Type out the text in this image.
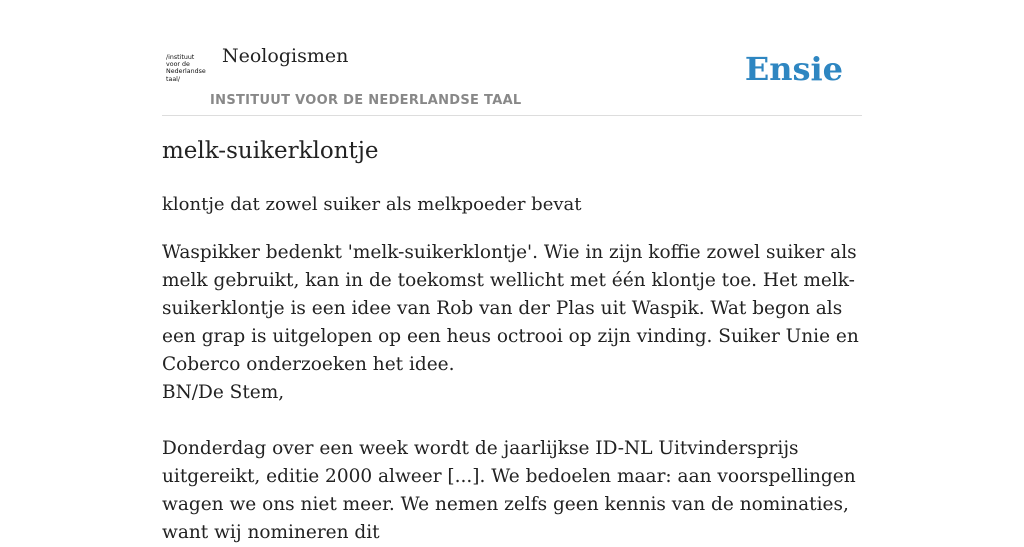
/instituut
voor de
Nederlandse
taal/
Neologismen
INSTITUUT VOOR DE NEDERLANDSE TAAL
Ensie
melk-suikerklontje

klontje dat zowel suiker als melkpoeder bevat

Waspikker bedenkt 'melk-suikerklontje'. Wie in zijn koffie zowel suiker als melk gebruikt, kan in de toekomst wellicht met één klontje toe. Het melk-suikerklontje is een idee van Rob van der Plas uit Waspik. Wat begon als een grap is uitgelopen op een heus octrooi op zijn vinding. Suiker Unie en Coberco onderzoeken het idee.

BN/De Stem,

Donderdag over een week wordt de jaarlijkse ID-NL Uitvindersprijs uitgereikt, editie 2000 alweer [...]. We bedoelen maar: aan voorspellingen wagen we ons niet meer. We nemen zelfs geen kennis van de nominaties, want wij nomineren dit
